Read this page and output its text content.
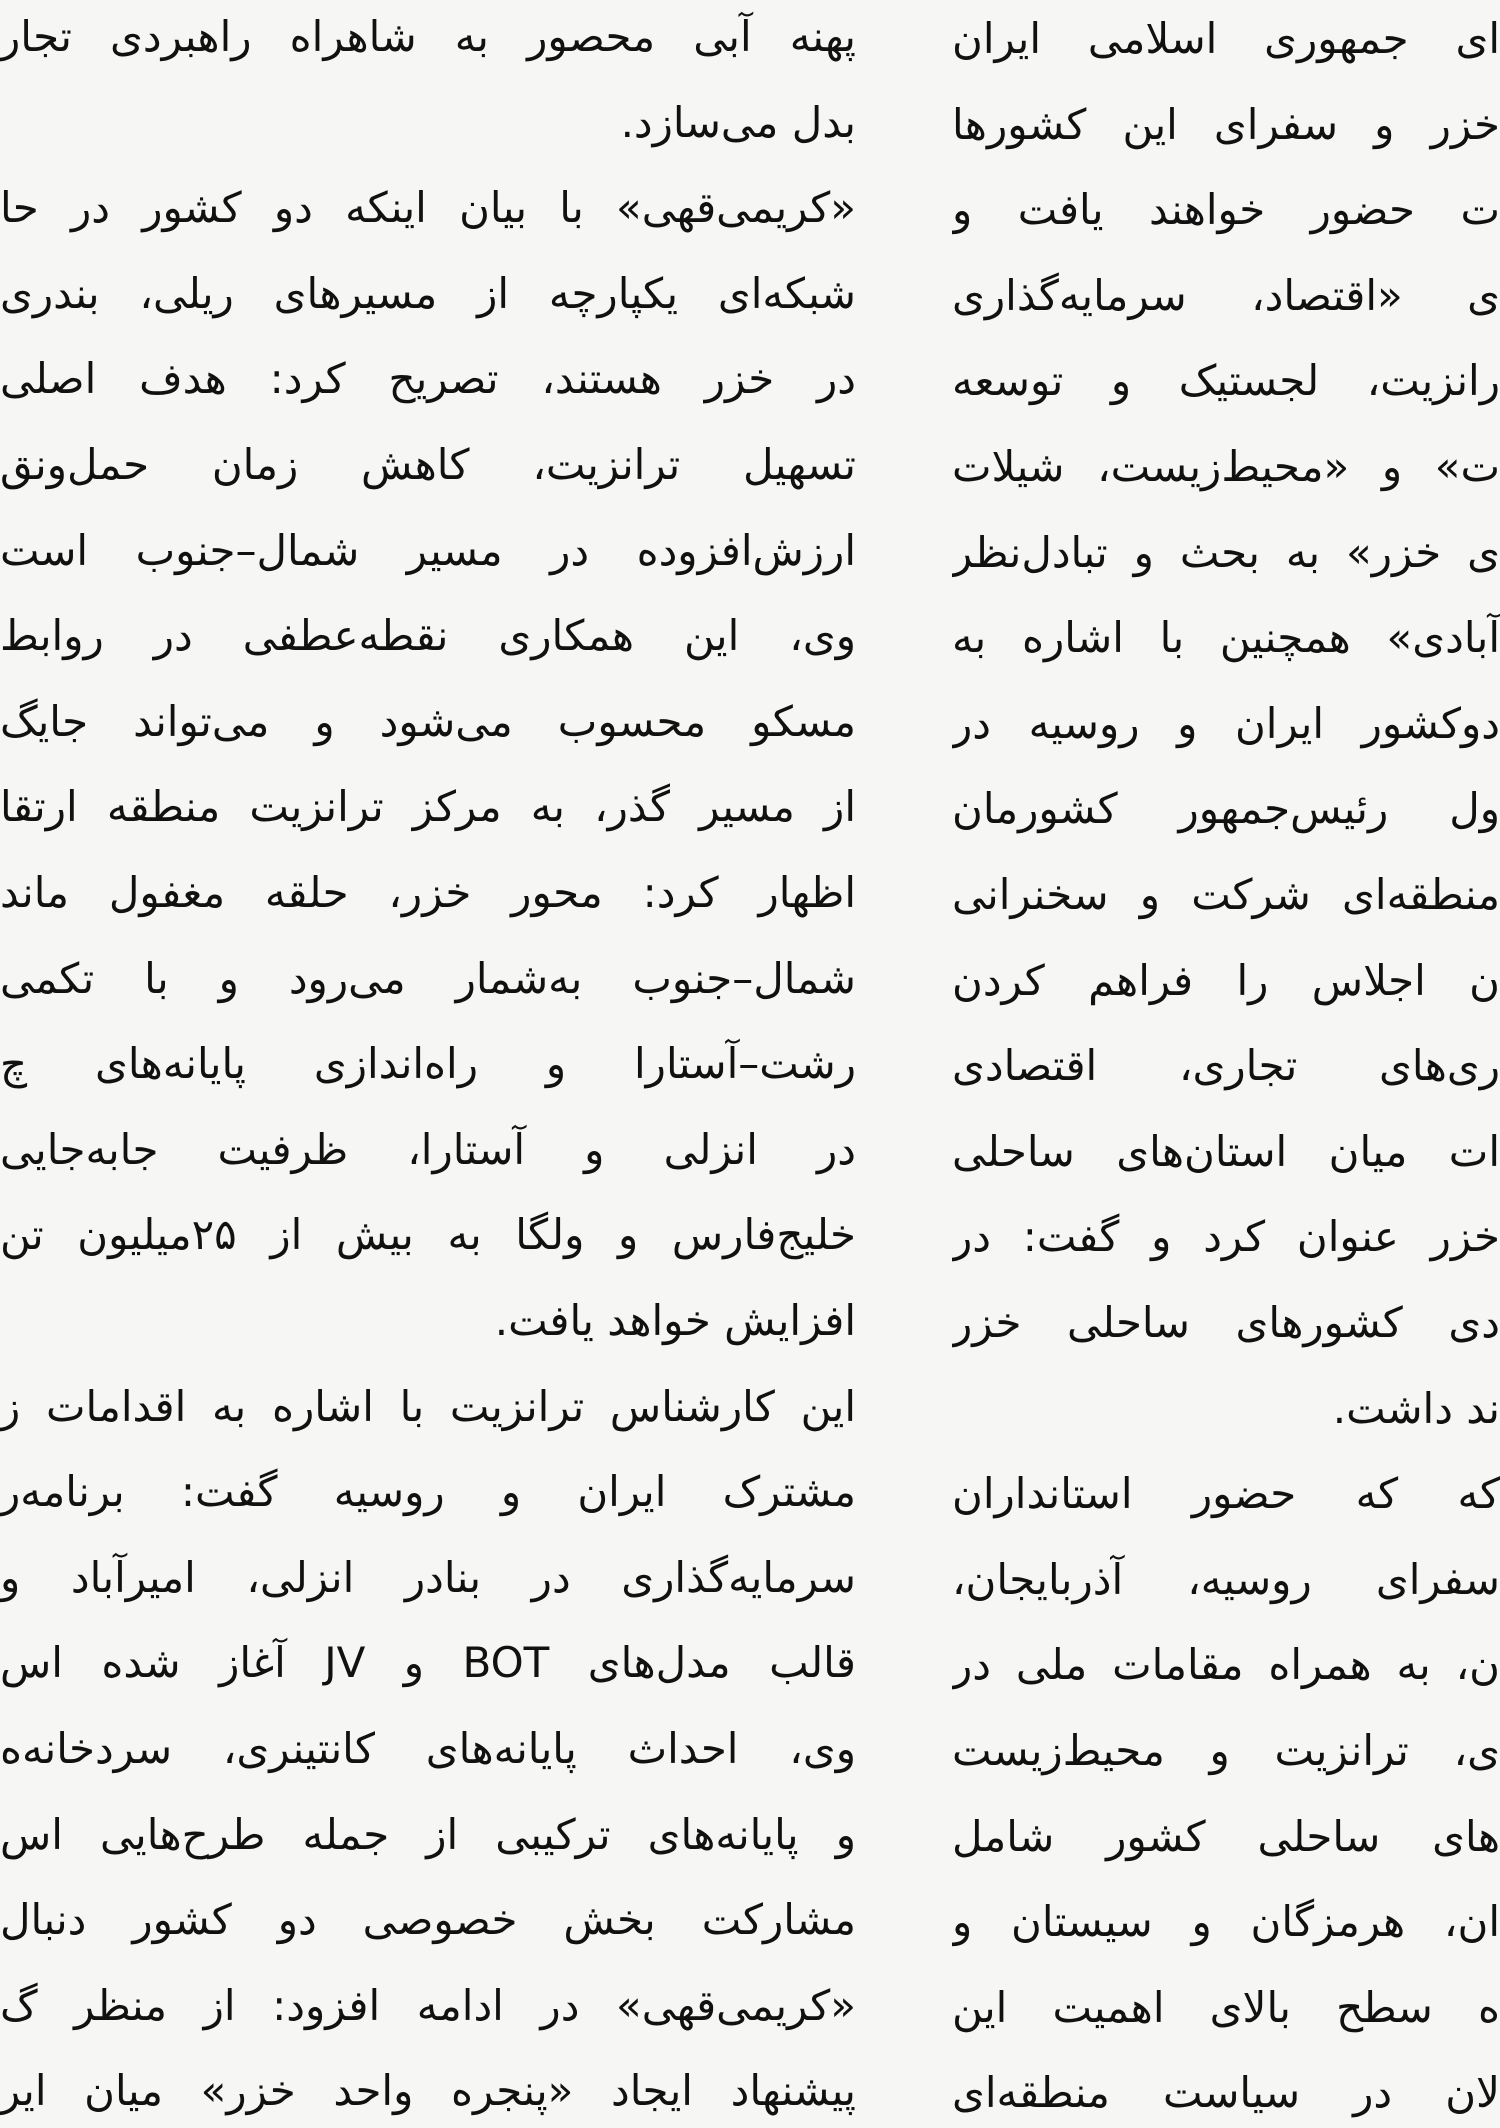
پهنه آبی محصور به شاهراه راهبردی تجار
بدل می‌سازد.
«کریمی‌قهی» با بیان اینکه دو کشور در حا
شبکه‌ای یکپارچه از مسیرهای ریلی، بندری
در خزر هستند، تصریح کرد: هدف اصلی
تسهیل ترانزیت، کاهش زمان حمل‌ونق
ارزش‌افزوده در مسیر شمال–جنوب است
وی، این همکاری نقطه‌عطفی در روابط
مسکو محسوب می‌شود و می‌تواند جایگ
از مسیر گذر، به مرکز ترانزیت منطقه ارتقا
اظهار کرد: محور خزر، حلقه مغفول ماند
شمال–جنوب به‌شمار می‌رود و با تکمی
رشت–آستارا و راه‌اندازی پایانه‌های چ
در انزلی و آستارا، ظرفیت جابه‌جایی
خلیج‌فارس و ولگا به بیش از ۲۵میلیون تن
افزایش خواهد یافت.
این کارشناس ترانزیت با اشاره به اقدامات ز
مشترک ایران و روسیه گفت: برنامه‌ر
سرمایه‌گذاری در بنادر انزلی، امیرآباد و
قالب مدل‌های BOT و JV آغاز شده اس
وی، احداث پایانه‌های کانتینری، سردخانه‌ه
و پایانه‌های ترکیبی از جمله طرح‌هایی اس
مشارکت بخش خصوصی دو کشور دنبال
«کریمی‌قهی» در ادامه افزود: از منظر گ
پیشنهاد ایجاد «پنجره واحد خزر» میان ایر
ای جمهوری اسلامی ایران
خزر و سفرای این کشورها
ت حضور خواهند یافت و
ی «اقتصاد، سرمایه‌گذاری
رانزیت، لجستیک و توسعه
ت» و «محیط‌زیست، شیلات
ی خزر» به بحث و تبادل‌نظر
آبادی» همچنین با اشاره به
دوکشور ایران و روسیه در
ول رئیس‌جمهور کشورمان
منطقه‌ای شرکت و سخنرانی
ن اجلاس را فراهم کردن
ری‌های تجاری، اقتصادی
ات میان استان‌های ساحلی
خزر عنوان کرد و گفت: در
دی کشورهای ساحلی خزر
ند داشت.
که که حضور استانداران
سفرای روسیه، آذربایجان،
ن، به همراه مقامات ملی در
ی، ترانزیت و محیط‌زیست
های ساحلی کشور شامل
ان، هرمزگان و سیستان و
ه سطح بالای اهمیت این
لان در سیاست منطقه‌ای
